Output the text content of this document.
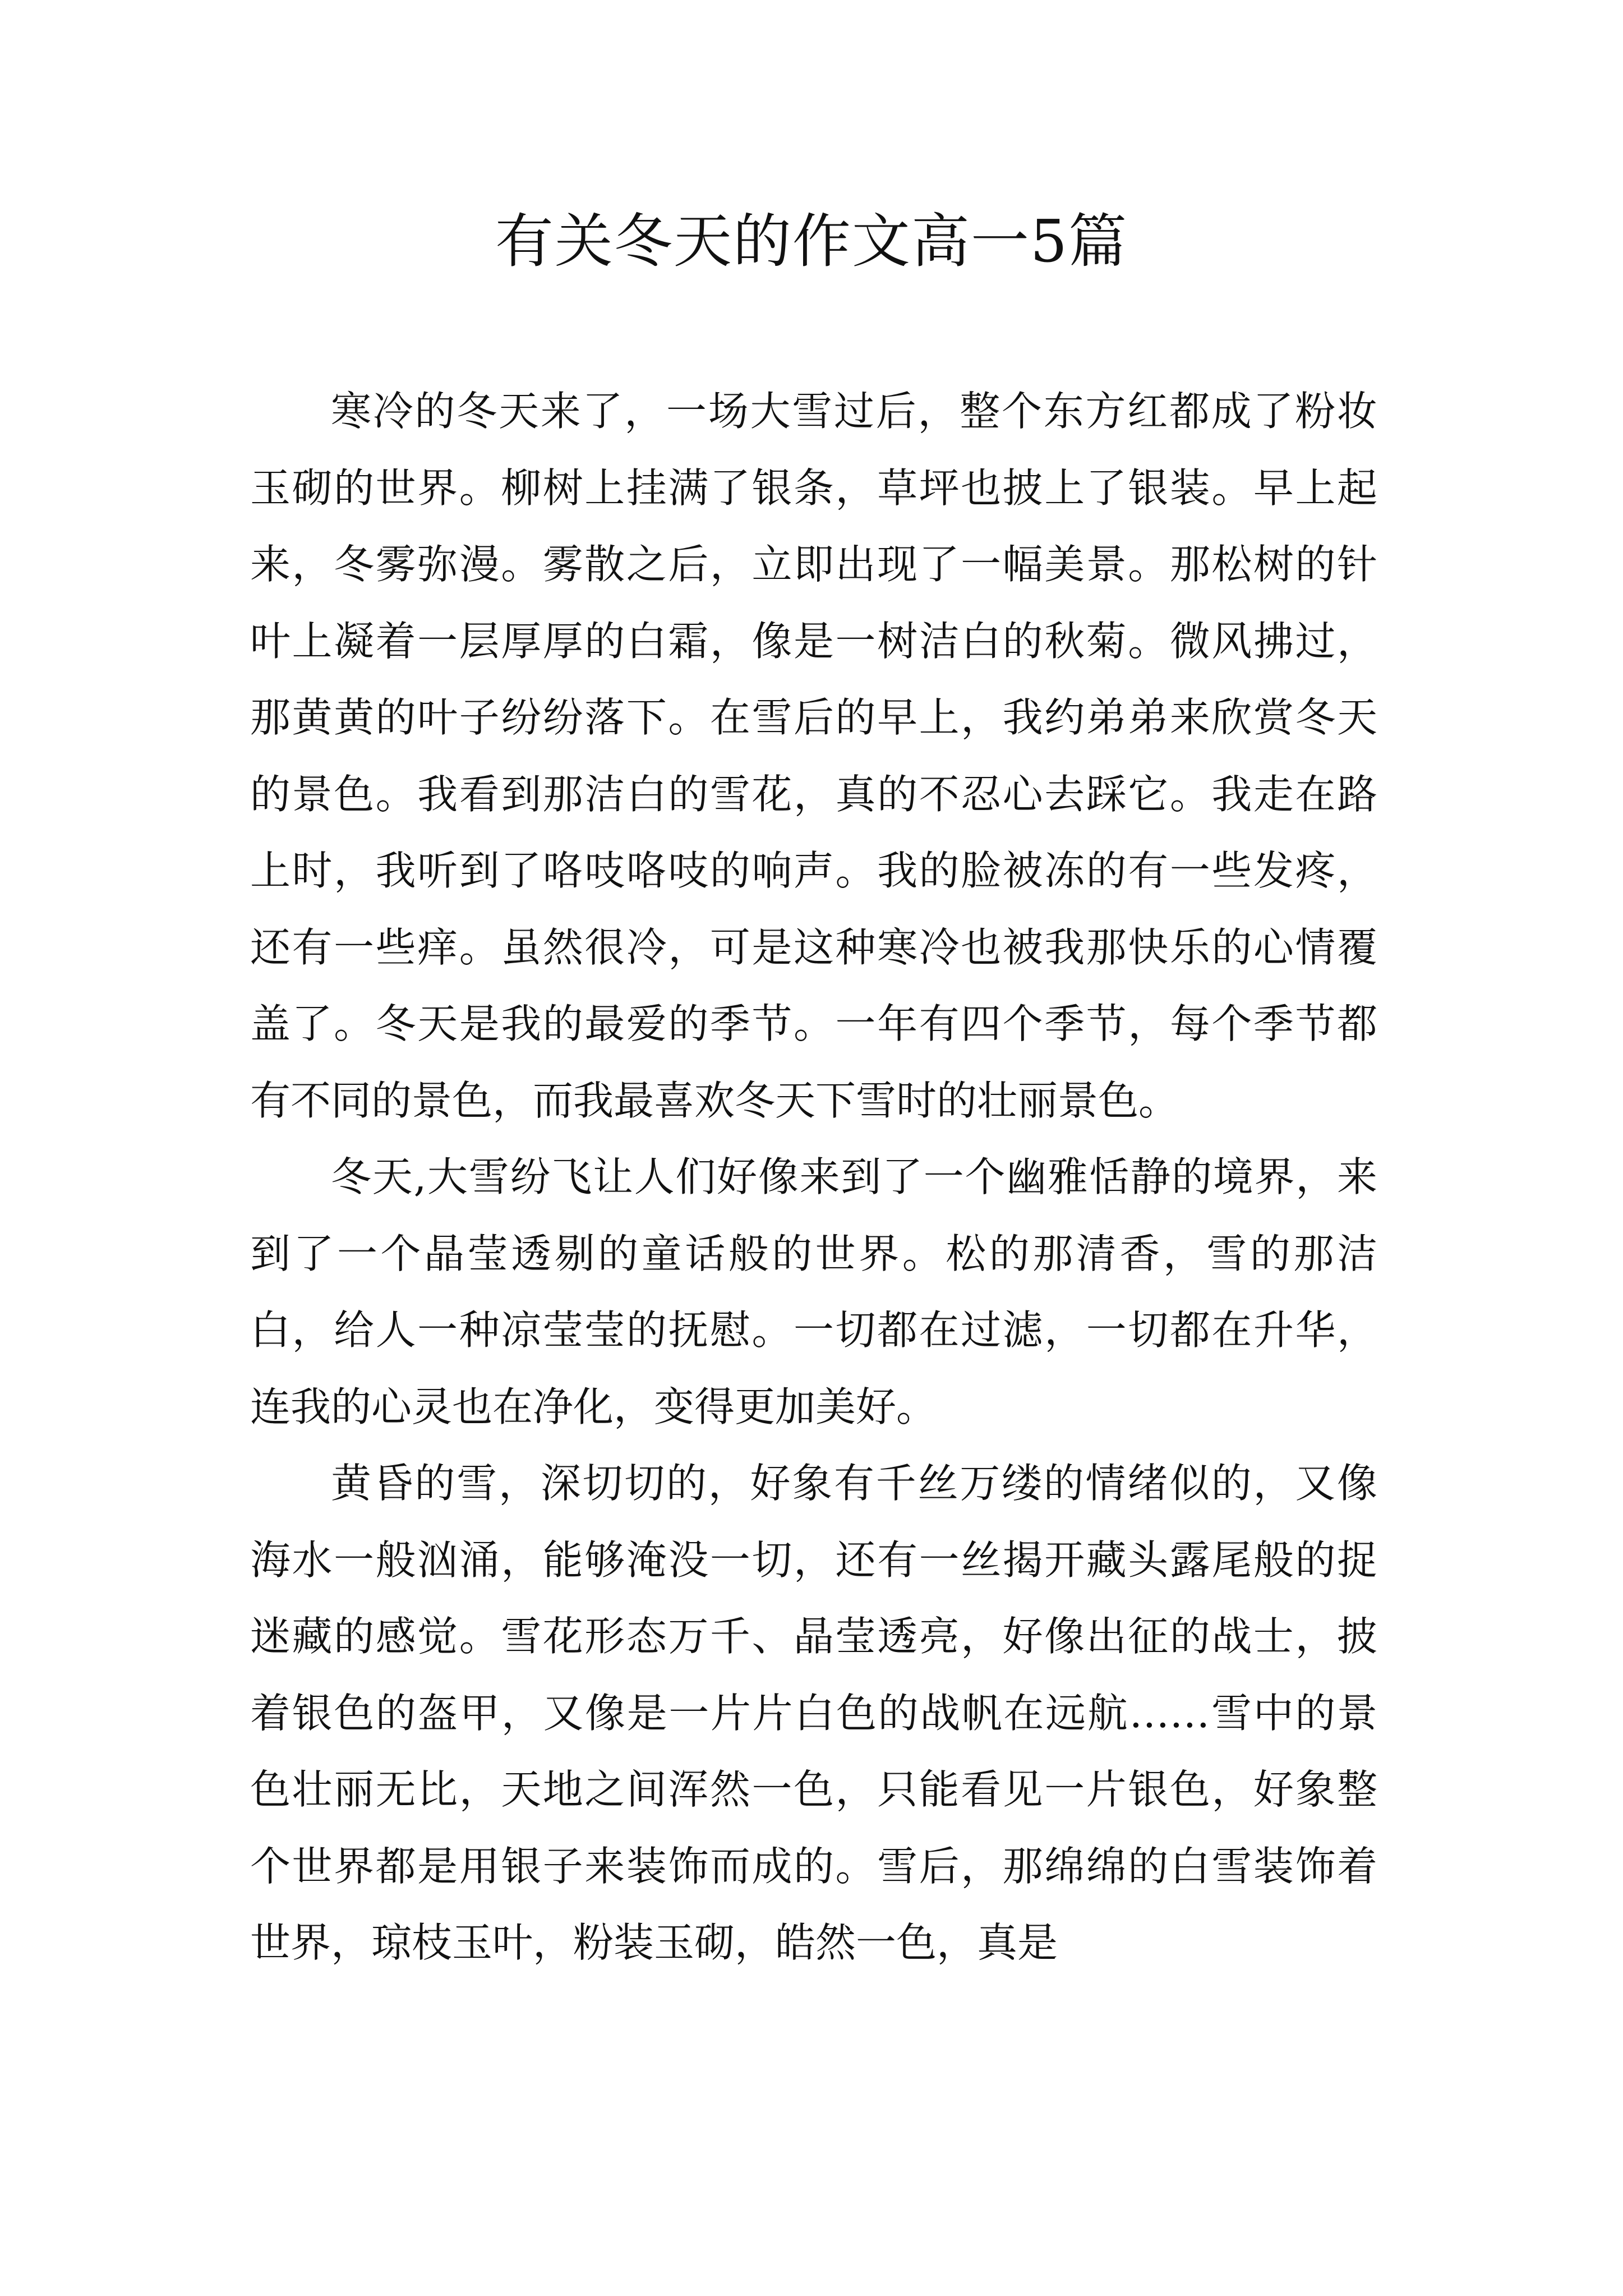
有关冬天的作文高一5篇

寒冷的冬天来了，一场大雪过后，整个东方红都成了粉妆玉砌的世界。柳树上挂满了银条，草坪也披上了银装。早上起来，冬雾弥漫。雾散之后，立即出现了一幅美景。那松树的针叶上凝着一层厚厚的白霜，像是一树洁白的秋菊。微风拂过，那黄黄的叶子纷纷落下。在雪后的早上，我约弟弟来欣赏冬天的景色。我看到那洁白的雪花，真的不忍心去踩它。我走在路上时，我听到了咯吱咯吱的响声。我的脸被冻的有一些发疼，还有一些痒。虽然很冷，可是这种寒冷也被我那快乐的心情覆盖了。冬天是我的最爱的季节。一年有四个季节，每个季节都有不同的景色，而我最喜欢冬天下雪时的壮丽景色。

冬天,大雪纷飞让人们好像来到了一个幽雅恬静的境界，来到了一个晶莹透剔的童话般的世界。松的那清香，雪的那洁白，给人一种凉莹莹的抚慰。一切都在过滤，一切都在升华，连我的心灵也在净化，变得更加美好。

黄昏的雪，深切切的，好象有千丝万缕的情绪似的，又像海水一般汹涌，能够淹没一切，还有一丝揭开藏头露尾般的捉迷藏的感觉。雪花形态万千、晶莹透亮，好像出征的战士，披着银色的盔甲，又像是一片片白色的战帆在远航……雪中的景色壮丽无比，天地之间浑然一色，只能看见一片银色，好象整个世界都是用银子来装饰而成的。雪后，那绵绵的白雪装饰着世界，琼枝玉叶，粉装玉砌，皓然一色，真是
